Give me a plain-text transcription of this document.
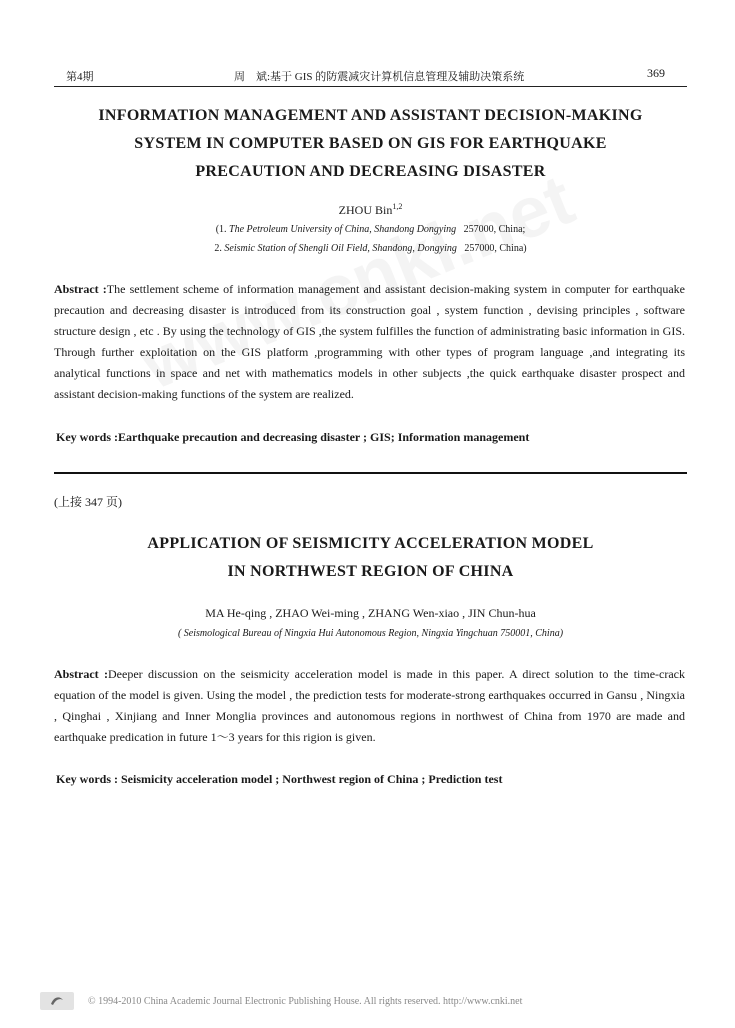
第4期	周　斌:基于 GIS 的防震减灾计算机信息管理及辅助决策系统	369
INFORMATION MANAGEMENT AND ASSISTANT DECISION-MAKING
SYSTEM IN COMPUTER BASED ON GIS FOR EARTHQUAKE
PRECAUTION AND DECREASING DISASTER
ZHOU Bin$^{1,2}$
(1. The Petroleum University of China, Shandong Dongying 257000, China;
2. Seismic Station of Shengli Oil Field, Shandong, Dongying 257000, China)
Abstract :The settlement scheme of information management and assistant decision-making system in computer for earthquake precaution and decreasing disaster is introduced from its construction goal , system function , devising principles , software structure design , etc . By using the technology of GIS ,the system fulfilles the function of administrating basic information in GIS. Through further exploitation on the GIS platform ,programming with other types of program language ,and integrating its analytical functions in space and net with mathematics models in other subjects ,the quick earthquake disaster prospect and assistant decision-making functions of the system are realized.
Key words :Earthquake precaution and decreasing disaster ; GIS; Information management
(上接 347 页)
APPLICATION OF SEISMICITY ACCELERATION MODEL
IN NORTHWEST REGION OF CHINA
MA He-qing , ZHAO Wei-ming , ZHANG Wen-xiao , JIN Chun-hua
( Seismological Bureau of Ningxia Hui Autonomous Region, Ningxia Yingchuan 750001, China)
Abstract :Deeper discussion on the seismicity acceleration model is made in this paper. A direct solution to the time-crack equation of the model is given. Using the model , the prediction tests for moderate-strong earthquakes occurred in Gansu , Ningxia , Qinghai , Xinjiang and Inner Monglia provinces and autonomous regions in northwest of China from 1970 are made and earthquake predication in future 1～3 years for this rigion is given.
Key words : Seismicity acceleration model ; Northwest region of China ; Prediction test
© 1994-2010 China Academic Journal Electronic Publishing House. All rights reserved. http://www.cnki.net
